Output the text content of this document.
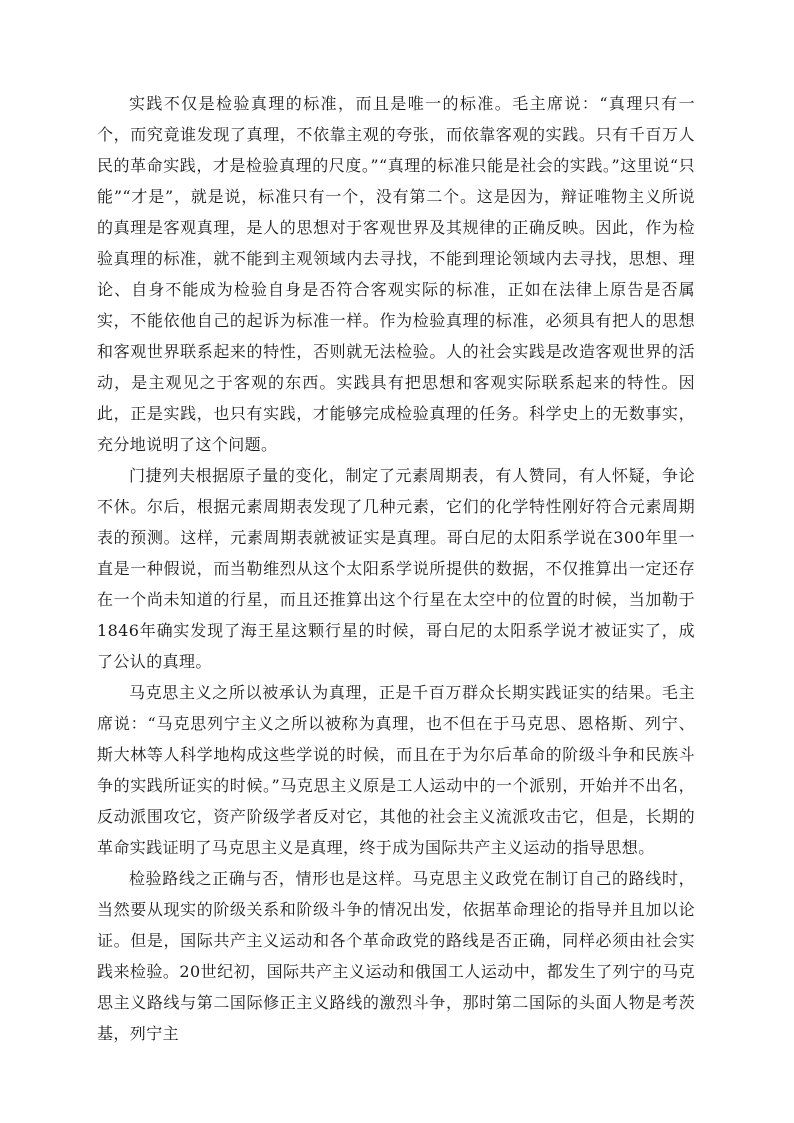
实践不仅是检验真理的标准，而且是唯一的标准。毛主席说：“真理只有一个，而究竟谁发现了真理，不依靠主观的夸张，而依靠客观的实践。只有千百万人民的革命实践，才是检验真理的尺度。”“真理的标准只能是社会的实践。”这里说“只能”“才是”，就是说，标准只有一个，没有第二个。这是因为，辩证唯物主义所说的真理是客观真理，是人的思想对于客观世界及其规律的正确反映。因此，作为检验真理的标准，就不能到主观领域内去寻找，不能到理论领域内去寻找，思想、理论、自身不能成为检验自身是否符合客观实际的标准，正如在法律上原告是否属实，不能依他自己的起诉为标准一样。作为检验真理的标准，必须具有把人的思想和客观世界联系起来的特性，否则就无法检验。人的社会实践是改造客观世界的活动，是主观见之于客观的东西。实践具有把思想和客观实际联系起来的特性。因此，正是实践，也只有实践，才能够完成检验真理的任务。科学史上的无数事实，充分地说明了这个问题。

门捷列夫根据原子量的变化，制定了元素周期表，有人赞同，有人怀疑，争论不休。尔后，根据元素周期表发现了几种元素，它们的化学特性刚好符合元素周期表的预测。这样，元素周期表就被证实是真理。哥白尼的太阳系学说在300年里一直是一种假说，而当勒维烈从这个太阳系学说所提供的数据，不仅推算出一定还存在一个尚未知道的行星，而且还推算出这个行星在太空中的位置的时候，当加勒于1846年确实发现了海王星这颗行星的时候，哥白尼的太阳系学说才被证实了，成了公认的真理。

马克思主义之所以被承认为真理，正是千百万群众长期实践证实的结果。毛主席说：“马克思列宁主义之所以被称为真理，也不但在于马克思、恩格斯、列宁、斯大林等人科学地构成这些学说的时候，而且在于为尔后革命的阶级斗争和民族斗争的实践所证实的时候。”马克思主义原是工人运动中的一个派别，开始并不出名，反动派围攻它，资产阶级学者反对它，其他的社会主义流派攻击它，但是，长期的革命实践证明了马克思主义是真理，终于成为国际共产主义运动的指导思想。

检验路线之正确与否，情形也是这样。马克思主义政党在制订自己的路线时，当然要从现实的阶级关系和阶级斗争的情况出发，依据革命理论的指导并且加以论证。但是，国际共产主义运动和各个革命政党的路线是否正确，同样必须由社会实践来检验。20世纪初，国际共产主义运动和俄国工人运动中，都发生了列宁的马克思主义路线与第二国际修正主义路线的激烈斗争，那时第二国际的头面人物是考茨基，列宁主
